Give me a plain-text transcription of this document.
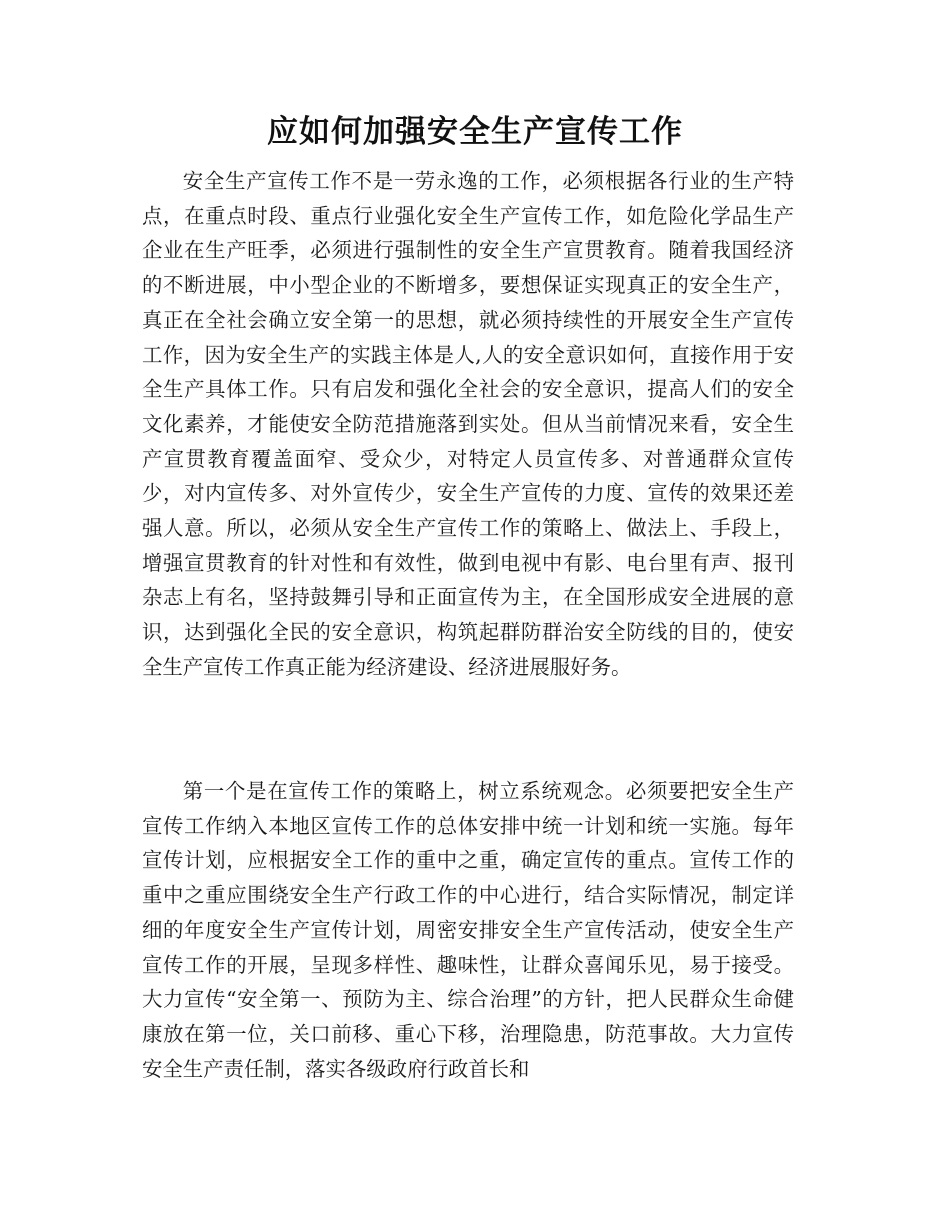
应如何加强安全生产宣传工作

安全生产宣传工作不是一劳永逸的工作，必须根据各行业的生产特点，在重点时段、重点行业强化安全生产宣传工作，如危险化学品生产企业在生产旺季，必须进行强制性的安全生产宣贯教育。随着我国经济的不断进展，中小型企业的不断增多，要想保证实现真正的安全生产，真正在全社会确立安全第一的思想，就必须持续性的开展安全生产宣传工作，因为安全生产的实践主体是人,人的安全意识如何，直接作用于安全生产具体工作。只有启发和强化全社会的安全意识，提高人们的安全文化素养，才能使安全防范措施落到实处。但从当前情况来看，安全生产宣贯教育覆盖面窄、受众少，对特定人员宣传多、对普通群众宣传少，对内宣传多、对外宣传少，安全生产宣传的力度、宣传的效果还差强人意。所以，必须从安全生产宣传工作的策略上、做法上、手段上，增强宣贯教育的针对性和有效性，做到电视中有影、电台里有声、报刊杂志上有名，坚持鼓舞引导和正面宣传为主，在全国形成安全进展的意识，达到强化全民的安全意识，构筑起群防群治安全防线的目的，使安全生产宣传工作真正能为经济建设、经济进展服好务。

第一个是在宣传工作的策略上，树立系统观念。必须要把安全生产宣传工作纳入本地区宣传工作的总体安排中统一计划和统一实施。每年宣传计划，应根据安全工作的重中之重，确定宣传的重点。宣传工作的重中之重应围绕安全生产行政工作的中心进行，结合实际情况，制定详细的年度安全生产宣传计划，周密安排安全生产宣传活动，使安全生产宣传工作的开展，呈现多样性、趣味性，让群众喜闻乐见，易于接受。大力宣传“安全第一、预防为主、综合治理”的方针，把人民群众生命健康放在第一位，关口前移、重心下移，治理隐患，防范事故。大力宣传安全生产责任制，落实各级政府行政首长和
